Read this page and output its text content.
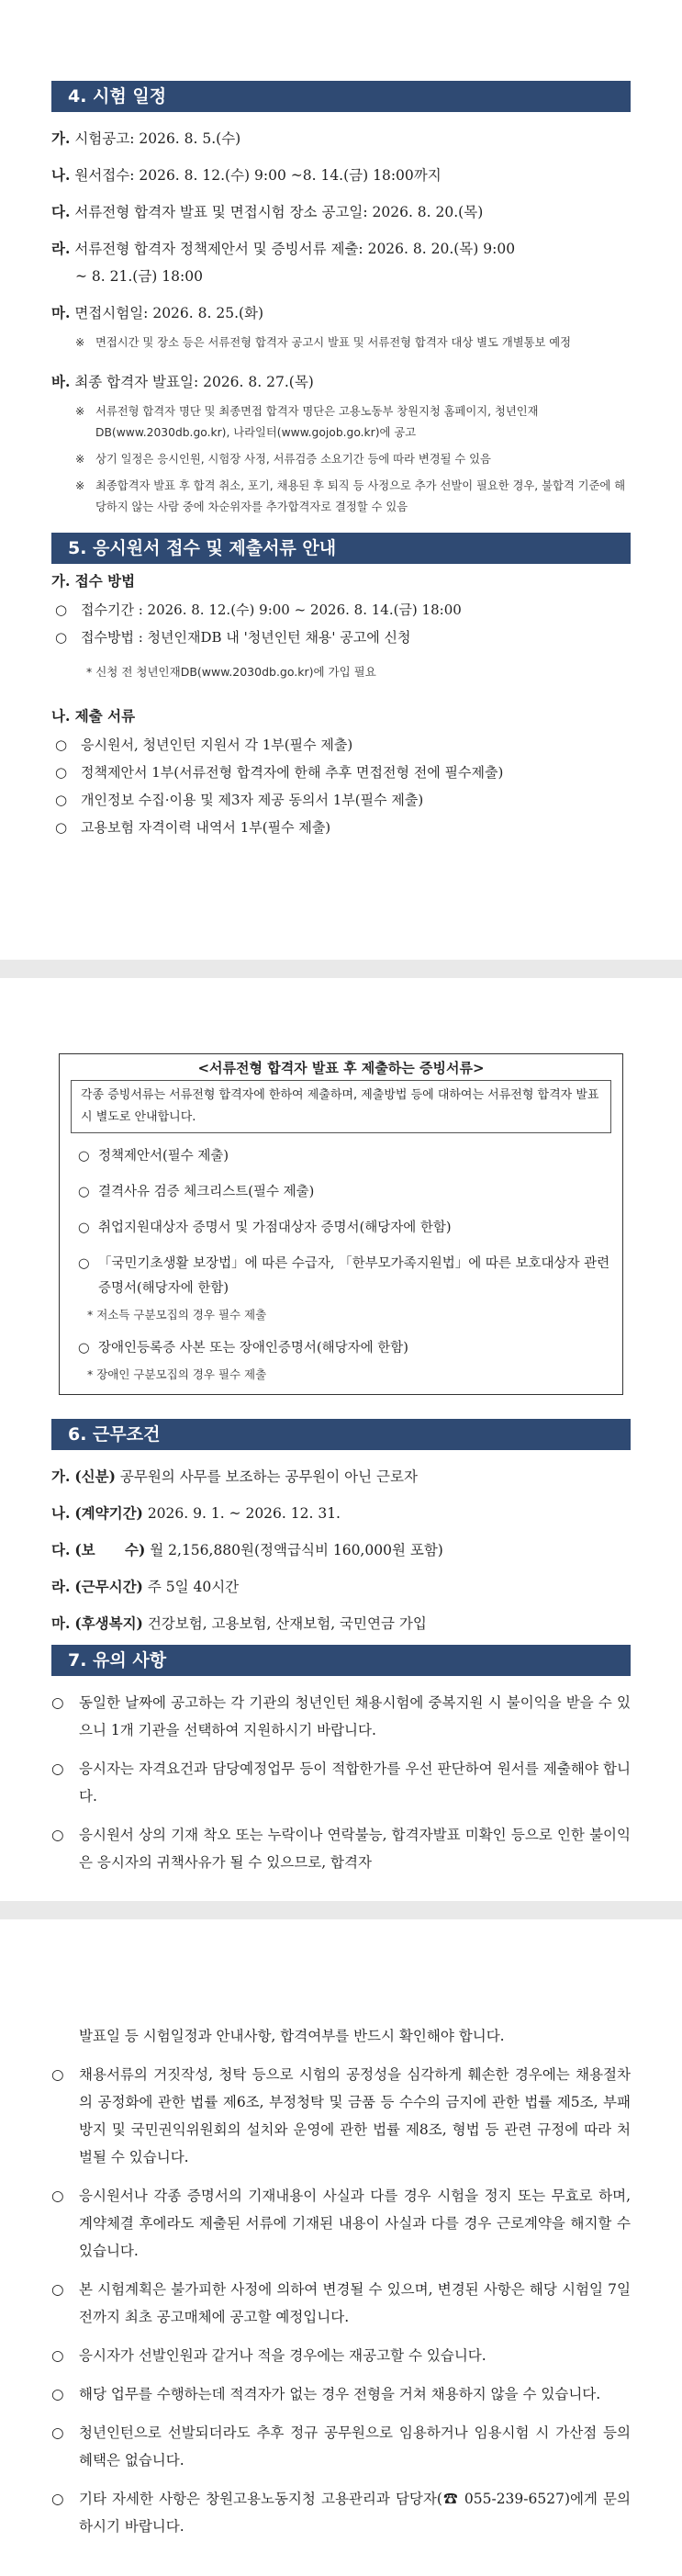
4. 시험 일정

가. 시험공고: 2026. 8. 5.(수)

나. 원서접수: 2026. 8. 12.(수) 9:00 ~8. 14.(금) 18:00까지

다. 서류전형 합격자 발표 및 면접시험 장소 공고일: 2026. 8. 20.(목)

라. 서류전형 합격자 정책제안서 및 증빙서류 제출: 2026. 8. 20.(목) 9:00

~ 8. 21.(금) 18:00

마. 면접시험일: 2026. 8. 25.(화)

※ 면접시간 및 장소 등은 서류전형 합격자 공고시 발표 및 서류전형 합격자 대상 별도 개별통보 예정

바. 최종 합격자 발표일: 2026. 8. 27.(목)

※ 서류전형 합격자 명단 및 최종면접 합격자 명단은 고용노동부 창원지청 홈페이지, 청년인재DB(www.2030db.go.kr), 나라일터(www.gojob.go.kr)에 공고

※ 상기 일정은 응시인원, 시험장 사정, 서류검증 소요기간 등에 따라 변경될 수 있음

※ 최종합격자 발표 후 합격 취소, 포기, 채용된 후 퇴직 등 사정으로 추가 선발이 필요한 경우, 불합격 기준에 해당하지 않는 사람 중에 차순위자를 추가합격자로 결정할 수 있음

5. 응시원서 접수 및 제출서류 안내

가. 접수 방법

○ 접수기간 : 2026. 8. 12.(수) 9:00 ~ 2026. 8. 14.(금) 18:00

○ 접수방법 : 청년인재DB 내 '청년인턴 채용' 공고에 신청

* 신청 전 청년인재DB(www.2030db.go.kr)에 가입 필요

나. 제출 서류

○ 응시원서, 청년인턴 지원서 각 1부(필수 제출)

○ 정책제안서 1부(서류전형 합격자에 한해 추후 면접전형 전에 필수제출)

○ 개인정보 수집·이용 및 제3자 제공 동의서 1부(필수 제출)

○ 고용보험 자격이력 내역서 1부(필수 제출)

<서류전형 합격자 발표 후 제출하는 증빙서류>
각종 증빙서류는 서류전형 합격자에 한하여 제출하며, 제출방법 등에 대하여는 서류전형 합격자 발표 시 별도로 안내합니다.

○ 정책제안서(필수 제출)

○ 결격사유 검증 체크리스트(필수 제출)

○ 취업지원대상자 증명서 및 가점대상자 증명서(해당자에 한함)

○ 「국민기초생활 보장법」에 따른 수급자, 「한부모가족지원법」에 따른 보호대상자 관련 증명서(해당자에 한함)

* 저소득 구분모집의 경우 필수 제출

○ 장애인등록증 사본 또는 장애인증명서(해당자에 한함)

* 장애인 구분모집의 경우 필수 제출
6. 근무조건

가. (신분) 공무원의 사무를 보조하는 공무원이 아닌 근로자

나. (계약기간) 2026. 9. 1. ~ 2026. 12. 31.

다. (보      수) 월 2,156,880원(정액급식비 160,000원 포함)

라. (근무시간) 주 5일 40시간

마. (후생복지) 건강보험, 고용보험, 산재보험, 국민연금 가입

7. 유의 사항

○ 동일한 날짜에 공고하는 각 기관의 청년인턴 채용시험에 중복지원 시 불이익을 받을 수 있으니 1개 기관을 선택하여 지원하시기 바랍니다.

○ 응시자는 자격요건과 담당예정업무 등이 적합한가를 우선 판단하여 원서를 제출해야 합니다.

○ 응시원서 상의 기재 착오 또는 누락이나 연락불능, 합격자발표 미확인 등으로 인한 불이익은 응시자의 귀책사유가 될 수 있으므로, 합격자

발표일 등 시험일정과 안내사항, 합격여부를 반드시 확인해야 합니다.

○ 채용서류의 거짓작성, 청탁 등으로 시험의 공정성을 심각하게 훼손한 경우에는 채용절차의 공정화에 관한 법률 제6조, 부정청탁 및 금품 등 수수의 금지에 관한 법률 제5조, 부패방지 및 국민권익위원회의 설치와 운영에 관한 법률 제8조, 형법 등 관련 규정에 따라 처벌될 수 있습니다.

○ 응시원서나 각종 증명서의 기재내용이 사실과 다를 경우 시험을 정지 또는 무효로 하며, 계약체결 후에라도 제출된 서류에 기재된 내용이 사실과 다를 경우 근로계약을 해지할 수 있습니다.

○ 본 시험계획은 불가피한 사정에 의하여 변경될 수 있으며, 변경된 사항은 해당 시험일 7일 전까지 최초 공고매체에 공고할 예정입니다.

○ 응시자가 선발인원과 같거나 적을 경우에는 재공고할 수 있습니다.

○ 해당 업무를 수행하는데 적격자가 없는 경우 전형을 거쳐 채용하지 않을 수 있습니다.

○ 청년인턴으로 선발되더라도 추후 정규 공무원으로 임용하거나 임용시험 시 가산점 등의 혜택은 없습니다.

○ 기타 자세한 사항은 창원고용노동지청 고용관리과 담당자(☎ 055-239-6527)에게 문의하시기 바랍니다.
